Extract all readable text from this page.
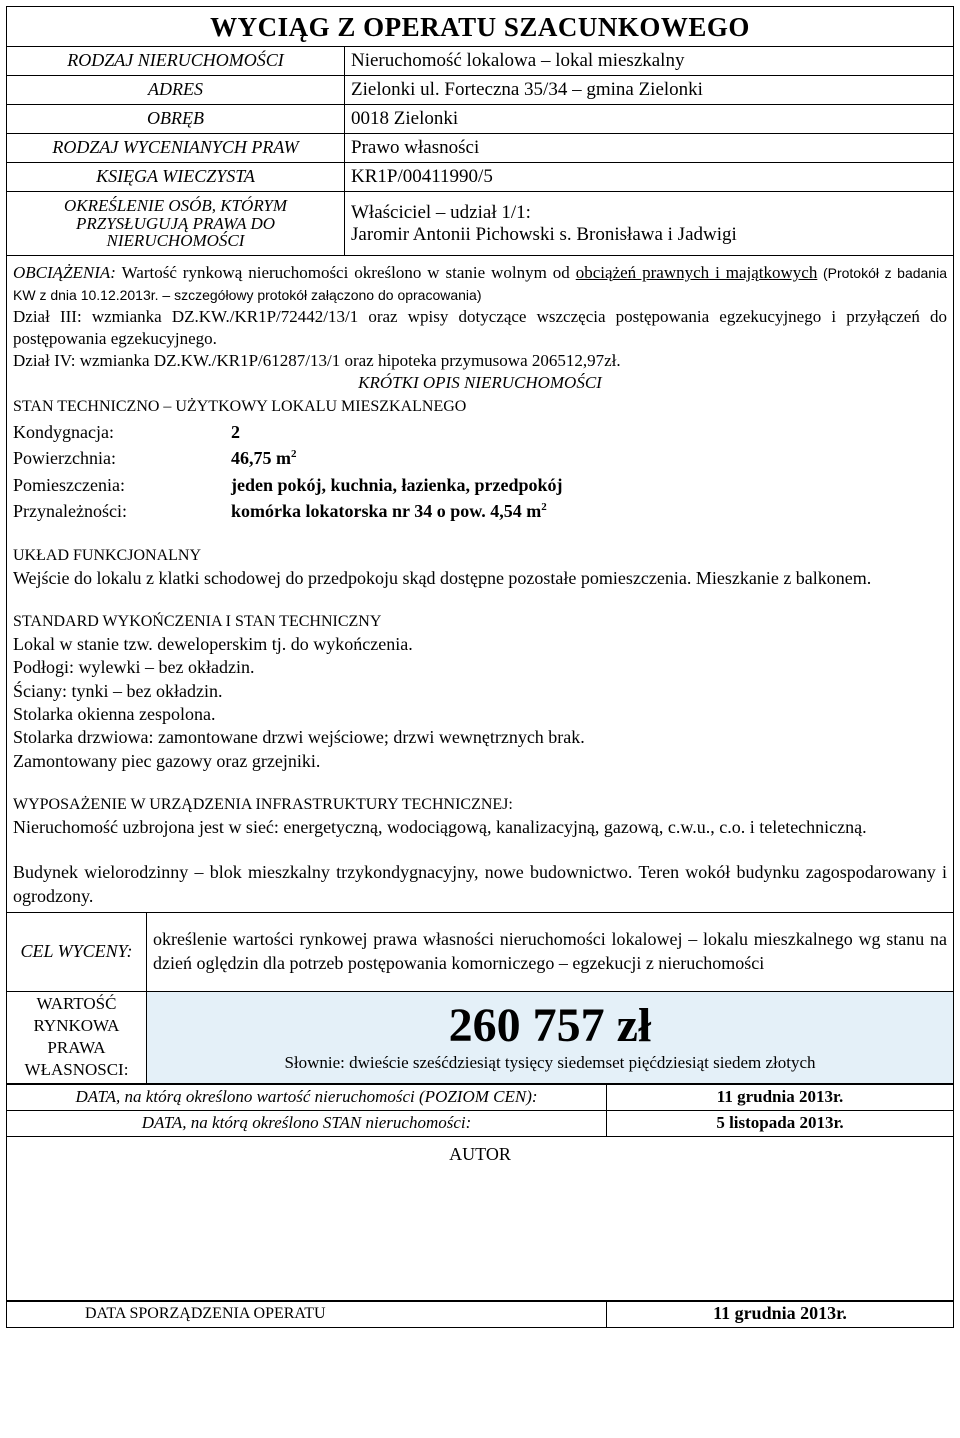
WYCIĄG Z OPERATU SZACUNKOWEGO
RODZAJ NIERUCHOMOŚCI	Nieruchomość lokalowa – lokal mieszkalny
ADRES	Zielonki ul. Forteczna 35/34 – gmina Zielonki
OBRĘB	0018 Zielonki
RODZAJ WYCENIANYCH PRAW	Prawo własności
KSIĘGA WIECZYSTA	KR1P/00411990/5
OKREŚLENIE OSÓB, KTÓRYM PRZYSŁUGUJĄ PRAWA DO NIERUCHOMOŚCI	Właściciel – udział 1/1:
Jaromir Antonii Pichowski s. Bronisława i Jadwigi
OBCIĄŻENIA: Wartość rynkową nieruchomości określono w stanie wolnym od obciążeń prawnych i majątkowych (Protokół z badania KW z dnia 10.12.2013r. – szczegółowy protokół załączono do opracowania)
Dział III: wzmianka DZ.KW./KR1P/72442/13/1 oraz wpisy dotyczące wszczęcia postępowania egzekucyjnego i przyłączeń do postępowania egzekucyjnego.
Dział IV: wzmianka DZ.KW./KR1P/61287/13/1 oraz hipoteka przymusowa 206512,97zł.
KRÓTKI OPIS NIERUCHOMOŚCI
STAN TECHNICZNO – UŻYTKOWY LOKALU MIESZKALNEGO
Kondygnacja:	2
Powierzchnia:	46,75 $m^2$
Pomieszczenia:	jeden pokój, kuchnia, łazienka, przedpokój
Przynależności:	komórka lokatorska nr 34 o pow. 4,54 $m^2$
UKŁAD FUNKCJONALNY
Wejście do lokalu z klatki schodowej do przedpokoju skąd dostępne pozostałe pomieszczenia. Mieszkanie z balkonem.
STANDARD WYKOŃCZENIA I STAN TECHNICZNY
Lokal w stanie tzw. deweloperskim tj. do wykończenia.
Podłogi: wylewki – bez okładzin.
Ściany: tynki – bez okładzin.
Stolarka okienna zespolona.
Stolarka drzwiowa: zamontowane drzwi wejściowe; drzwi wewnętrznych brak.
Zamontowany piec gazowy oraz grzejniki.
WYPOSAŻENIE W URZĄDZENIA INFRASTRUKTURY TECHNICZNEJ:
Nieruchomość uzbrojona jest w sieć: energetyczną, wodociągową, kanalizacyjną, gazową, c.w.u., c.o. i teletechniczną.
Budynek wielorodzinny – blok mieszkalny trzykondygnacyjny, nowe budownictwo. Teren wokół budynku zagospodarowany i ogrodzony.
CEL WYCENY:	określenie wartości rynkowej prawa własności nieruchomości lokalowej – lokalu mieszkalnego wg stanu na dzień oględzin dla potrzeb postępowania komorniczego – egzekucji z nieruchomości
WARTOŚĆ RYNKOWA PRAWA WŁASNOSCI:	260 757 zł
Słownie: dwieście sześćdziesiąt tysięcy siedemset pięćdziesiąt siedem złotych
DATA, na którą określono wartość nieruchomości (POZIOM CEN):	11 grudnia 2013r.
DATA, na którą określono STAN nieruchomości:	5 listopada 2013r.
AUTOR
DATA SPORZĄDZENIA OPERATU	11 grudnia 2013r.
